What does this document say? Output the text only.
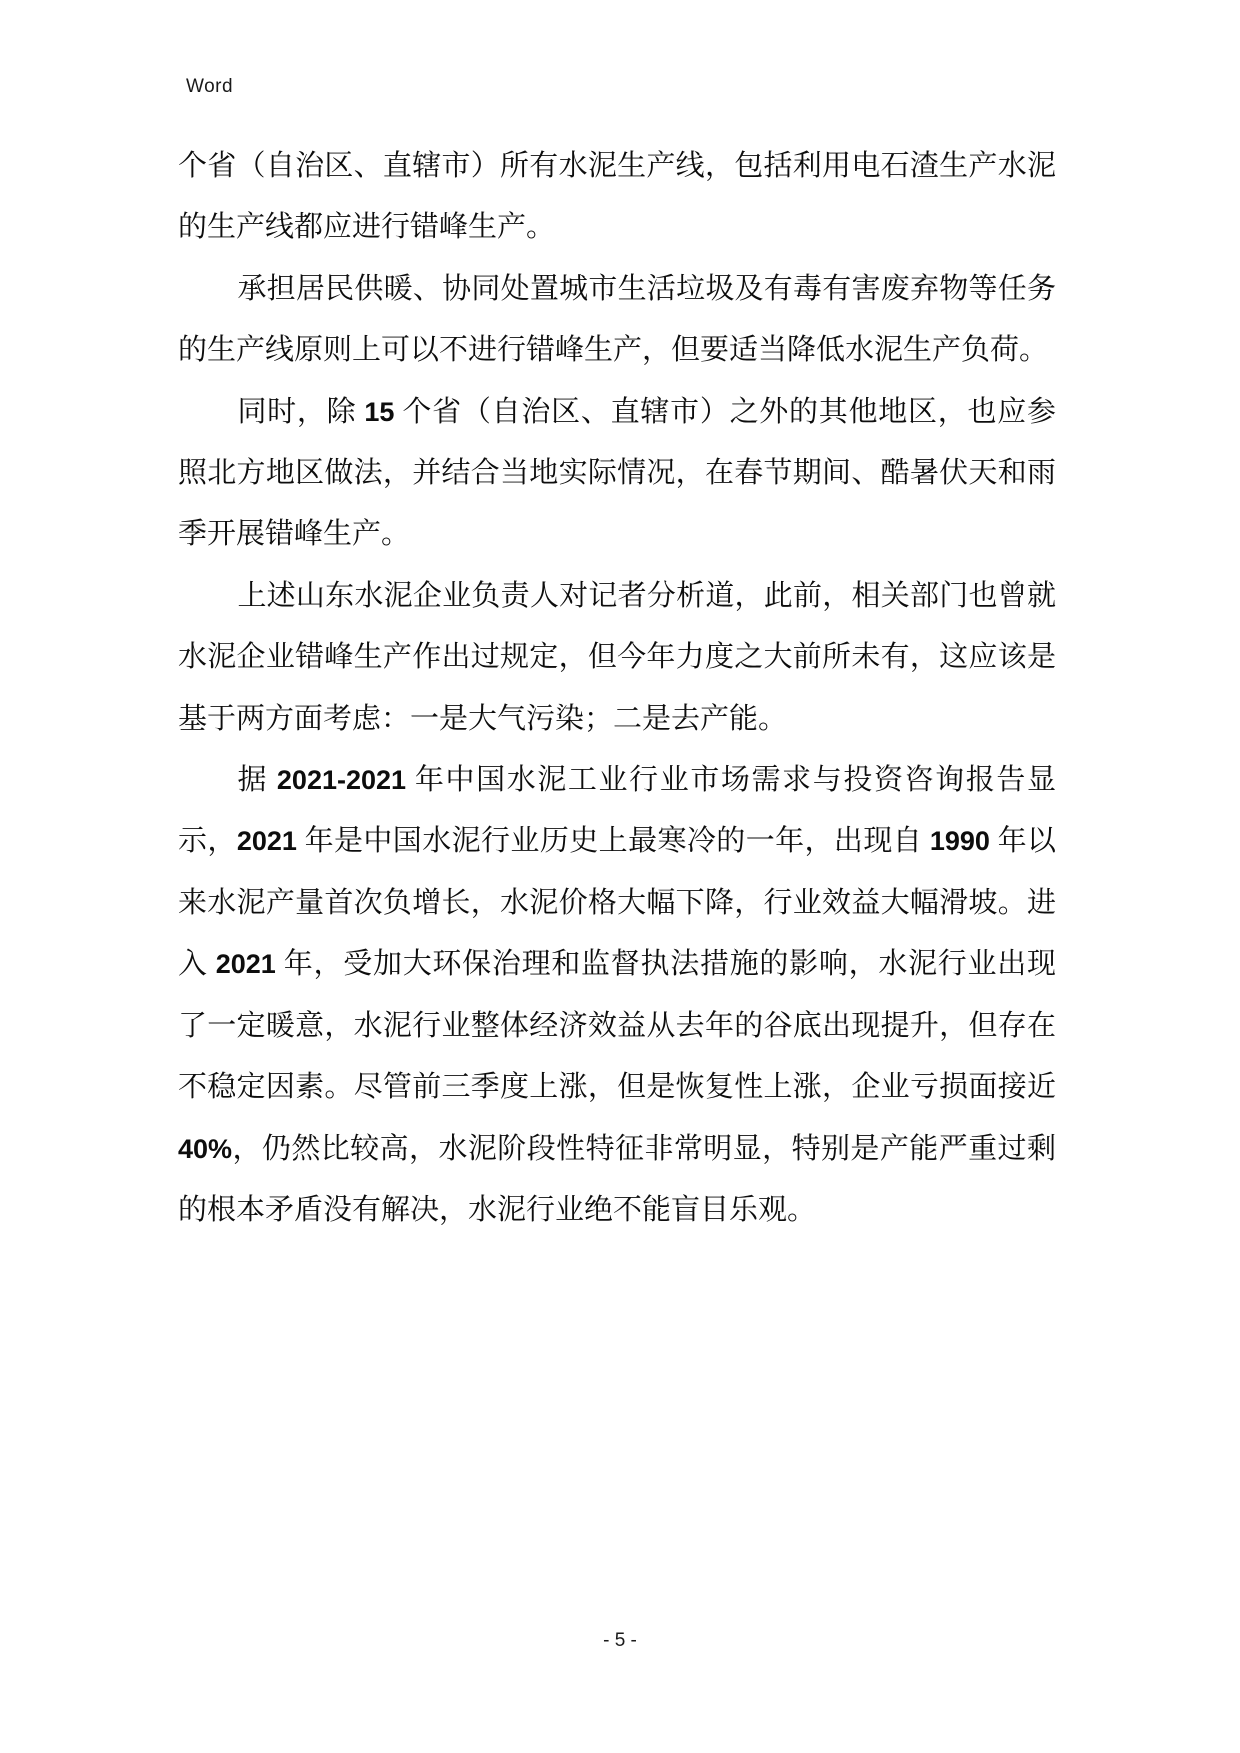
Word

个省（自治区、直辖市）所有水泥生产线，包括利用电石渣生产水泥的生产线都应进行错峰生产。

承担居民供暖、协同处置城市生活垃圾及有毒有害废弃物等任务的生产线原则上可以不进行错峰生产，但要适当降低水泥生产负荷。

同时，除 15 个省（自治区、直辖市）之外的其他地区，也应参照北方地区做法，并结合当地实际情况，在春节期间、酷暑伏天和雨季开展错峰生产。

上述山东水泥企业负责人对记者分析道，此前，相关部门也曾就水泥企业错峰生产作出过规定，但今年力度之大前所未有，这应该是基于两方面考虑：一是大气污染；二是去产能。

据 2021-2021 年中国水泥工业行业市场需求与投资咨询报告显示，2021 年是中国水泥行业历史上最寒冷的一年，出现自 1990 年以来水泥产量首次负增长，水泥价格大幅下降，行业效益大幅滑坡。进入 2021 年，受加大环保治理和监督执法措施的影响，水泥行业出现了一定暖意，水泥行业整体经济效益从去年的谷底出现提升，但存在不稳定因素。尽管前三季度上涨，但是恢复性上涨，企业亏损面接近 40%，仍然比较高，水泥阶段性特征非常明显，特别是产能严重过剩的根本矛盾没有解决，水泥行业绝不能盲目乐观。

- 5 -
